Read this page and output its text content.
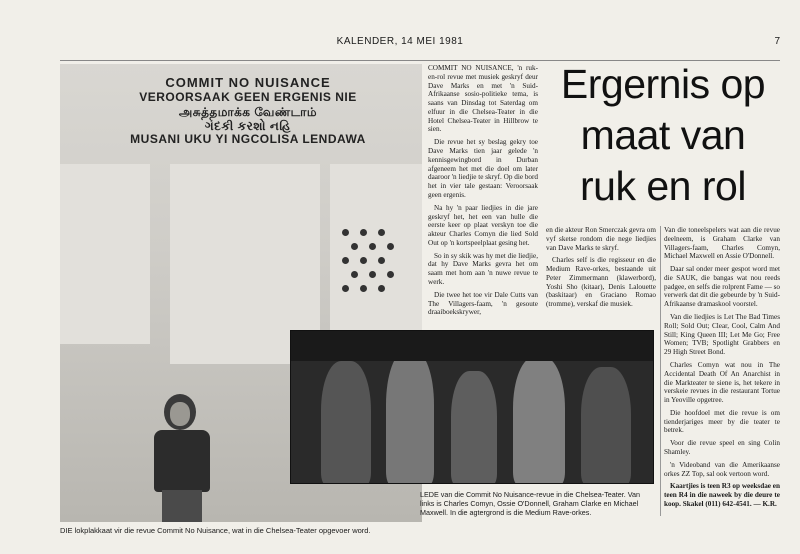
KALENDER, 14 MEI 1981	7
COMMIT NO NUISANCE
VEROORSAAK GEEN ERGENIS NIE
அசுத்தமாக்க வேண்டாம்
ગંદકી કરશો નહિ
MUSANI UKU YI NGCOLISA LENDAWA
DIE lokplakkaat vir die revue Commit No Nuisance, wat in die Chelsea-Teater opgevoer word.

COMMIT NO NUISANCE, 'n ruk-en-rol revue met musiek geskryf deur Dave Marks en met 'n Suid-Afrikaanse sosio-politieke tema, is saans van Dinsdag tot Saterdag om elfuur in die Chelsea-Teater in die Hotel Chelsea-Teater in Hillbrow te sien.

Die revue het sy beslag gekry toe Dave Marks tien jaar gelede 'n kennisgewingbord in Durban afgeneem het met die doel om later daaroor 'n liedjie te skryf. Op die bord het in vier tale gestaan: Veroorsaak geen ergenis.

Na hy 'n paar liedjies in die jare geskryf het, het een van hulle die eerste keer op plaat verskyn toe die akteur Charles Comyn die lied Sold Out op 'n kortspeelplaat gesing het.

So in sy skik was hy met die liedjie, dat hy Dave Marks gevra het om saam met hom aan 'n nuwe revue te werk.

Die twee het toe vir Dale Cutts van The Villagers-faam, 'n gesoute draaiboekskrywer,

Ergernis op
maat van
ruk en rol

en die akteur Ron Smerczak gevra om vyf sketse rondom die nege liedjies van Dave Marks te skryf.

Charles self is die regisseur en die Medium Rave-orkes, bestaande uit Peter Zimmermann (klawerbord), Yoshi Sho (kitaar), Denis Lalouette (baskitaar) en Graciano Romao (tromme), verskaf die musiek.

Van die toneelspelers wat aan die revue deelneem, is Graham Clarke van Villagers-faam, Charles Comyn, Michael Maxwell en Assie O'Donnell.

Daar sal onder meer gespot word met die SAUK, die bangas wat nou reeds padgee, en selfs die rolprent Fame — so verwerk dat dit die gebeurde by 'n Suid-Afrikaanse dramaskool voorstel.

Van die liedjies is Let The Bad Times Roll; Sold Out; Clear, Cool, Calm And Still; King Queen III; Let Me Go; Free Women; TVB; Spotlight Grabbers en 29 High Street Bond.

Charles Comyn wat nou in The Accidental Death Of An Anarchist in die Markteater te siene is, het tekere in verskeie revues in die restaurant Tortue in Yeoville opgetree.

Die hoofdoel met die revue is om tienderjariges meer by die teater te betrek.

Voor die revue speel en sing Colin Shamley.

'n Videoband van die Amerikaanse orkes ZZ Top, sal ook vertoon word.

Kaartjies is teen R3 op weeksdae en teen R4 in die naweek by die deure te koop. Skakel (011) 642-4541. — K.R.

LEDE van die Commit No Nuisance-revue in die Chelsea-Teater. Van links is Charles Comyn, Ossie O'Donnell, Graham Clarke en Michael Maxwell. In die agtergrond is die Medium Rave-orkes.
